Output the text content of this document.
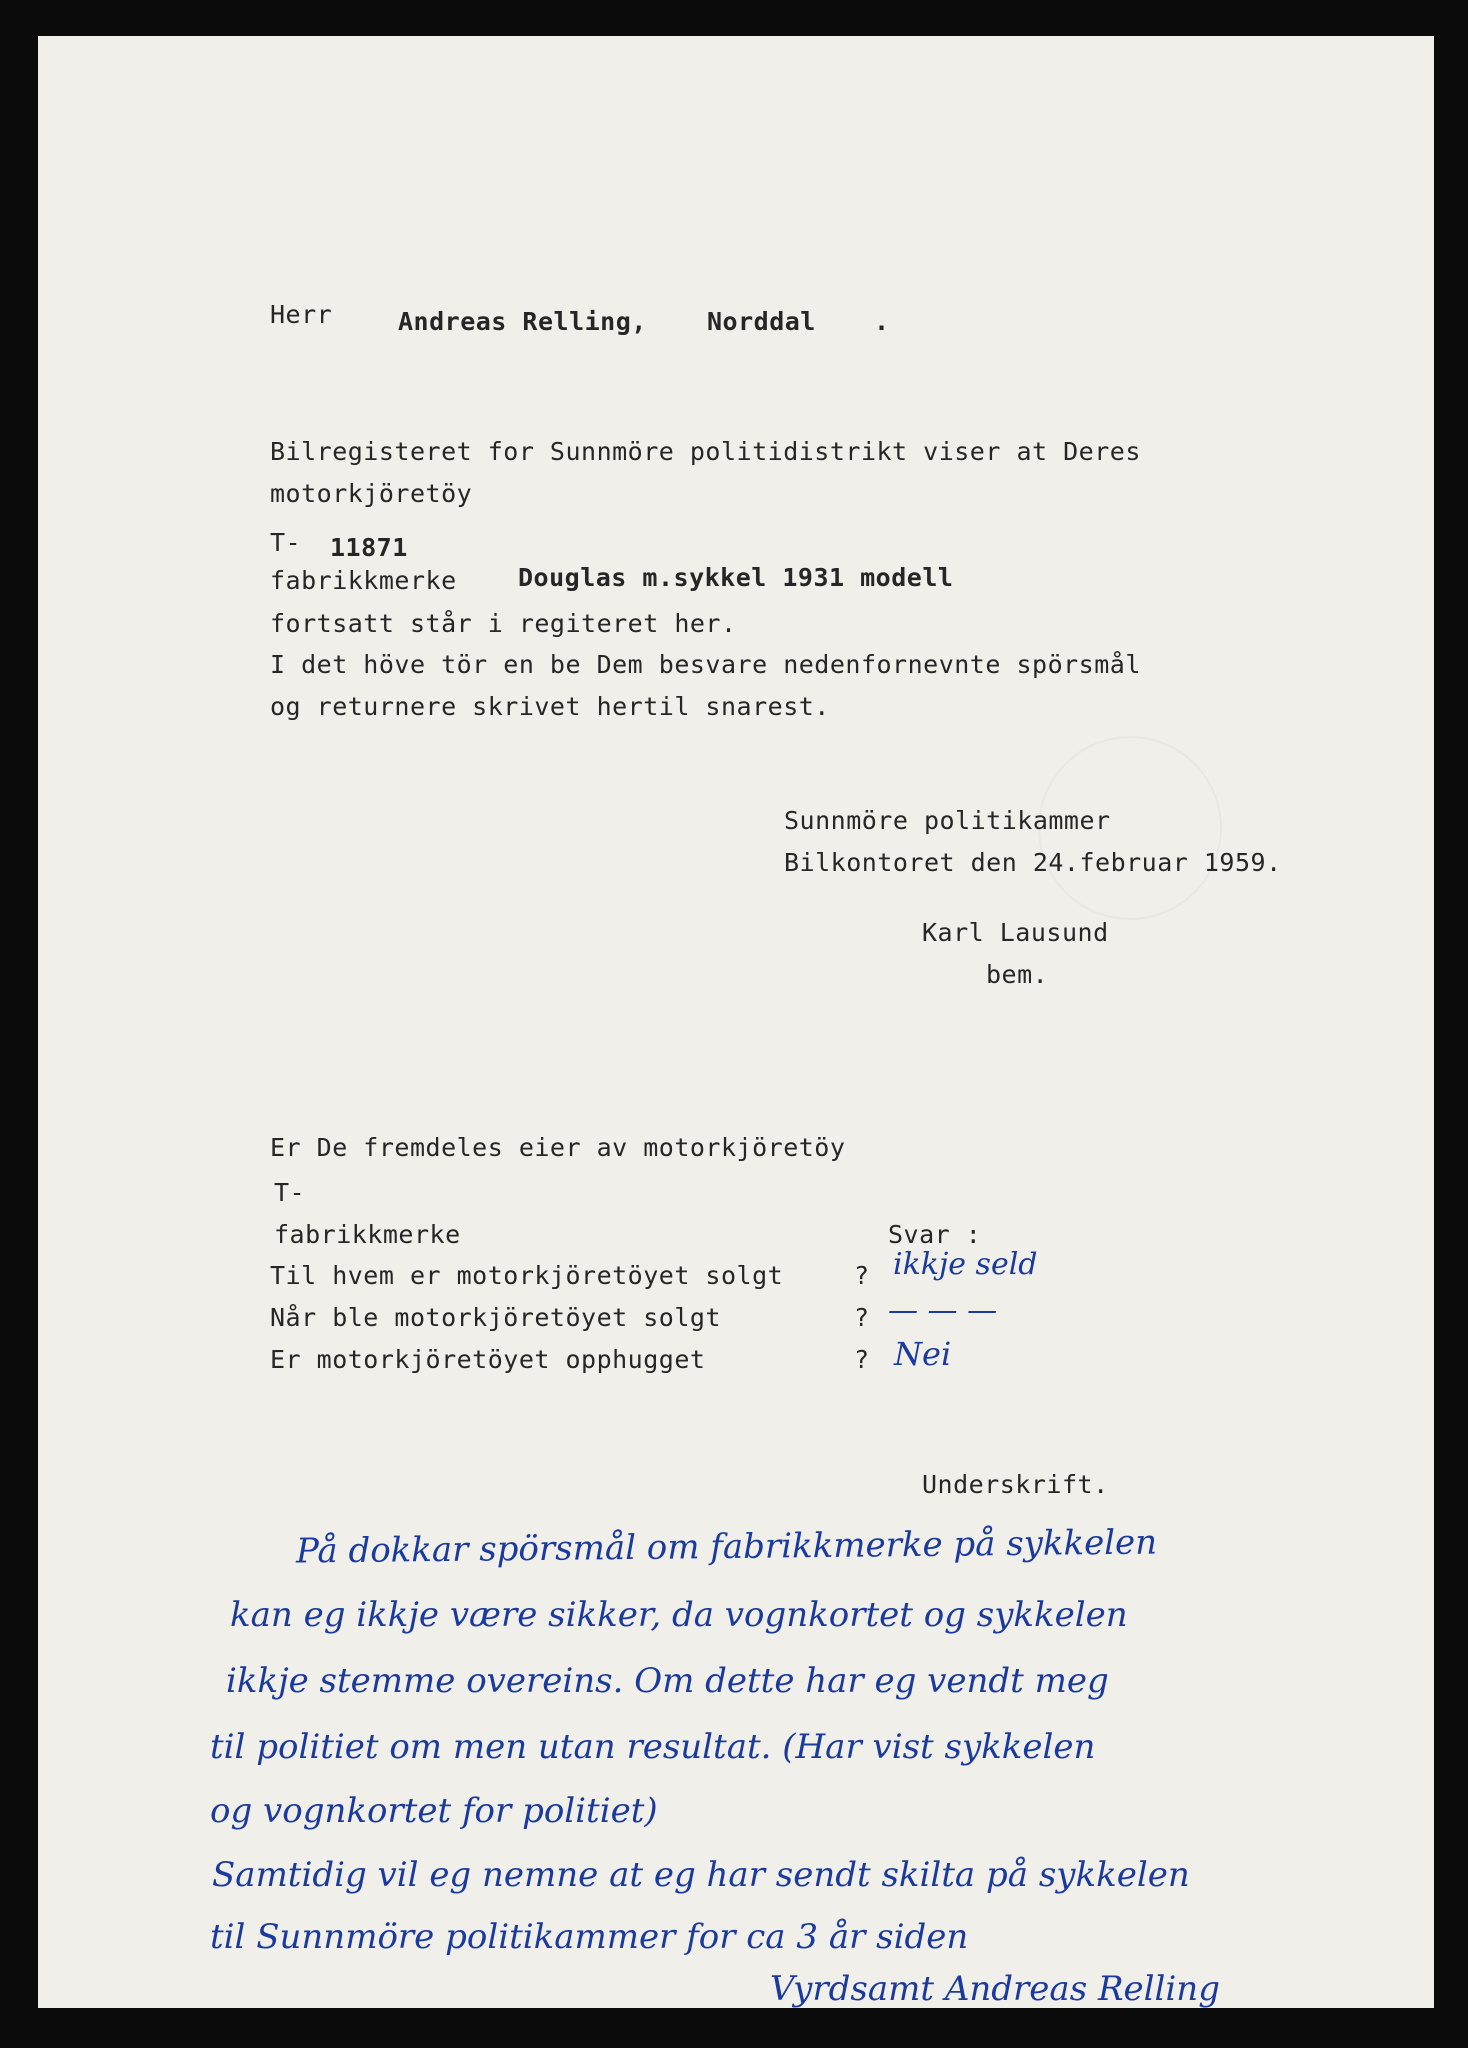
Herr	Andreas Relling, Norddal .
Bilregisteret for Sunnmöre politidistrikt viser at Deres
motorkjöretöy
T- 11871
fabrikkmerke Douglas m.sykkel 1931 modell
fortsatt står i regiteret her.
I det höve tör en be Dem besvare nedenfornevnte spörsmål
og returnere skrivet hertil snarest.
Sunnmöre politikammer
Bilkontoret den 24.februar 1959.
Karl Lausund
bem.
Er De fremdeles eier av motorkjöretöy
T-
fabrikkmerke	Svar :
Til hvem er motorkjöretöyet solgt	? ikkje seld
Når ble motorkjöretöyet solgt	? — — —
Er motorkjöretöyet opphugget	? Nei
Underskrift.
På dokkar spörsmål om fabrikkmerke på sykkelen
kan eg ikkje være sikker, da vognkortet og sykkelen
ikkje stemme overeins. Om dette har eg vendt meg
til politiet om men utan resultat. (Har vist sykkelen
og vognkortet for politiet)
Samtidig vil eg nemne at eg har sendt skilta på sykkelen
til Sunnmöre politikammer for ca 3 år siden
Vyrdsamt Andreas Relling
